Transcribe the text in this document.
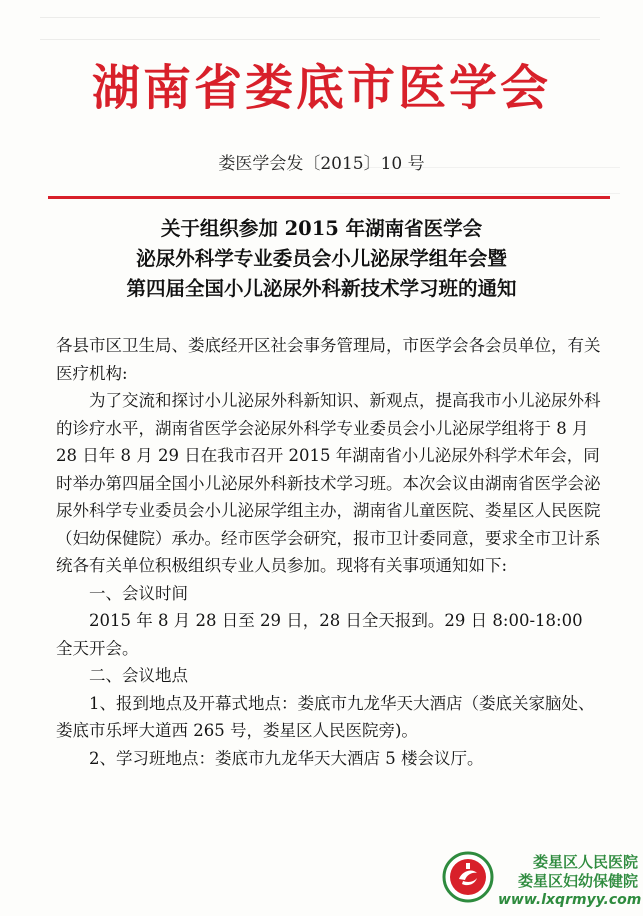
湖南省娄底市医学会
娄医学会发〔2015〕10 号
关于组织参加 2015 年湖南省医学会
泌尿外科学专业委员会小儿泌尿学组年会暨
第四届全国小儿泌尿外科新技术学习班的通知

各县市区卫生局、娄底经开区社会事务管理局，市医学会各会员单位，有关医疗机构:

为了交流和探讨小儿泌尿外科新知识、新观点，提高我市小儿泌尿外科的诊疗水平，湖南省医学会泌尿外科学专业委员会小儿泌尿学组将于 8 月 28 日年 8 月 29 日在我市召开 2015 年湖南省小儿泌尿外科学术年会，同时举办第四届全国小儿泌尿外科新技术学习班。本次会议由湖南省医学会泌尿外科学专业委员会小儿泌尿学组主办，湖南省儿童医院、娄星区人民医院（妇幼保健院）承办。经市医学会研究，报市卫计委同意，要求全市卫计系统各有关单位积极组织专业人员参加。现将有关事项通知如下:

一、会议时间

2015 年 8 月 28 日至 29 日，28 日全天报到。29 日 8:00-18:00 全天开会。

二、会议地点

1、报到地点及开幕式地点：娄底市九龙华天大酒店（娄底关家脑处、娄底市乐坪大道西 265 号，娄星区人民医院旁)。

2、学习班地点：娄底市九龙华天大酒店 5 楼会议厅。

娄星区人民医院
娄星区妇幼保健院
www.lxqrmyy.com
